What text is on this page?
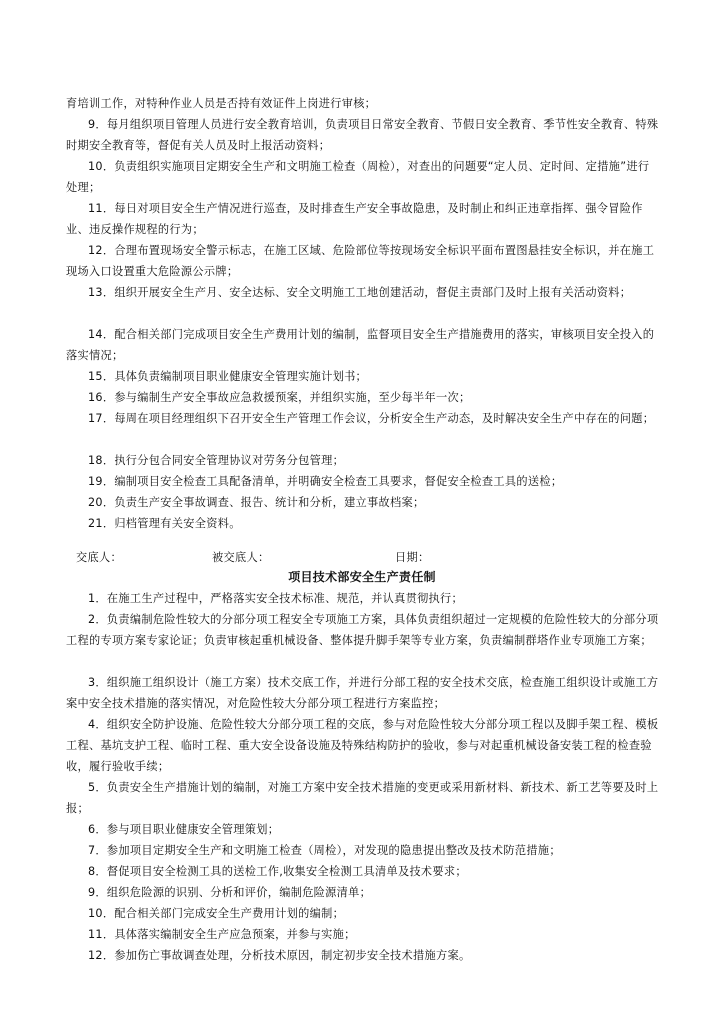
育培训工作，对特种作业人员是否持有效证件上岗进行审核；

9．每月组织项目管理人员进行安全教育培训，负责项目日常安全教育、节假日安全教育、季节性安全教育、特殊时期安全教育等，督促有关人员及时上报活动资料；

10．负责组织实施项目定期安全生产和文明施工检查（周检），对查出的问题要“定人员、定时间、定措施”进行处理；

11．每日对项目安全生产情况进行巡查，及时排查生产安全事故隐患，及时制止和纠正违章指挥、强令冒险作业、违反操作规程的行为；

12．合理布置现场安全警示标志，在施工区域、危险部位等按现场安全标识平面布置图悬挂安全标识，并在施工现场入口设置重大危险源公示牌；

13．组织开展安全生产月、安全达标、安全文明施工工地创建活动，督促主责部门及时上报有关活动资料；

14．配合相关部门完成项目安全生产费用计划的编制，监督项目安全生产措施费用的落实，审核项目安全投入的落实情况；

15．具体负责编制项目职业健康安全管理实施计划书；

16．参与编制生产安全事故应急救援预案，并组织实施，至少每半年一次；

17．每周在项目经理组织下召开安全生产管理工作会议，分析安全生产动态，及时解决安全生产中存在的问题；

18．执行分包合同安全管理协议对劳务分包管理；

19．编制项目安全检查工具配备清单，并明确安全检查工具要求，督促安全检查工具的送检；

20．负责生产安全事故调查、报告、统计和分析，建立事故档案；

21．归档管理有关安全资料。

交底人：	被交底人：	日期：
项目技术部安全生产责任制

1．在施工生产过程中，严格落实安全技术标准、规范，并认真贯彻执行；

2．负责编制危险性较大的分部分项工程安全专项施工方案，具体负责组织超过一定规模的危险性较大的分部分项工程的专项方案专家论证；负责审核起重机械设备、整体提升脚手架等专业方案，负责编制群塔作业专项施工方案；

3．组织施工组织设计（施工方案）技术交底工作，并进行分部工程的安全技术交底，检查施工组织设计或施工方案中安全技术措施的落实情况，对危险性较大分部分项工程进行方案监控；

4．组织安全防护设施、危险性较大分部分项工程的交底，参与对危险性较大分部分项工程以及脚手架工程、模板工程、基坑支护工程、临时工程、重大安全设备设施及特殊结构防护的验收，参与对起重机械设备安装工程的检查验收，履行验收手续；

5．负责安全生产措施计划的编制，对施工方案中安全技术措施的变更或采用新材料、新技术、新工艺等要及时上报；

6．参与项目职业健康安全管理策划；

7．参加项目定期安全生产和文明施工检查（周检），对发现的隐患提出整改及技术防范措施；

8．督促项目安全检测工具的送检工作,收集安全检测工具清单及技术要求；

9．组织危险源的识别、分析和评价，编制危险源清单；

10．配合相关部门完成安全生产费用计划的编制；

11．具体落实编制安全生产应急预案，并参与实施；

12．参加伤亡事故调查处理，分析技术原因，制定初步安全技术措施方案。
